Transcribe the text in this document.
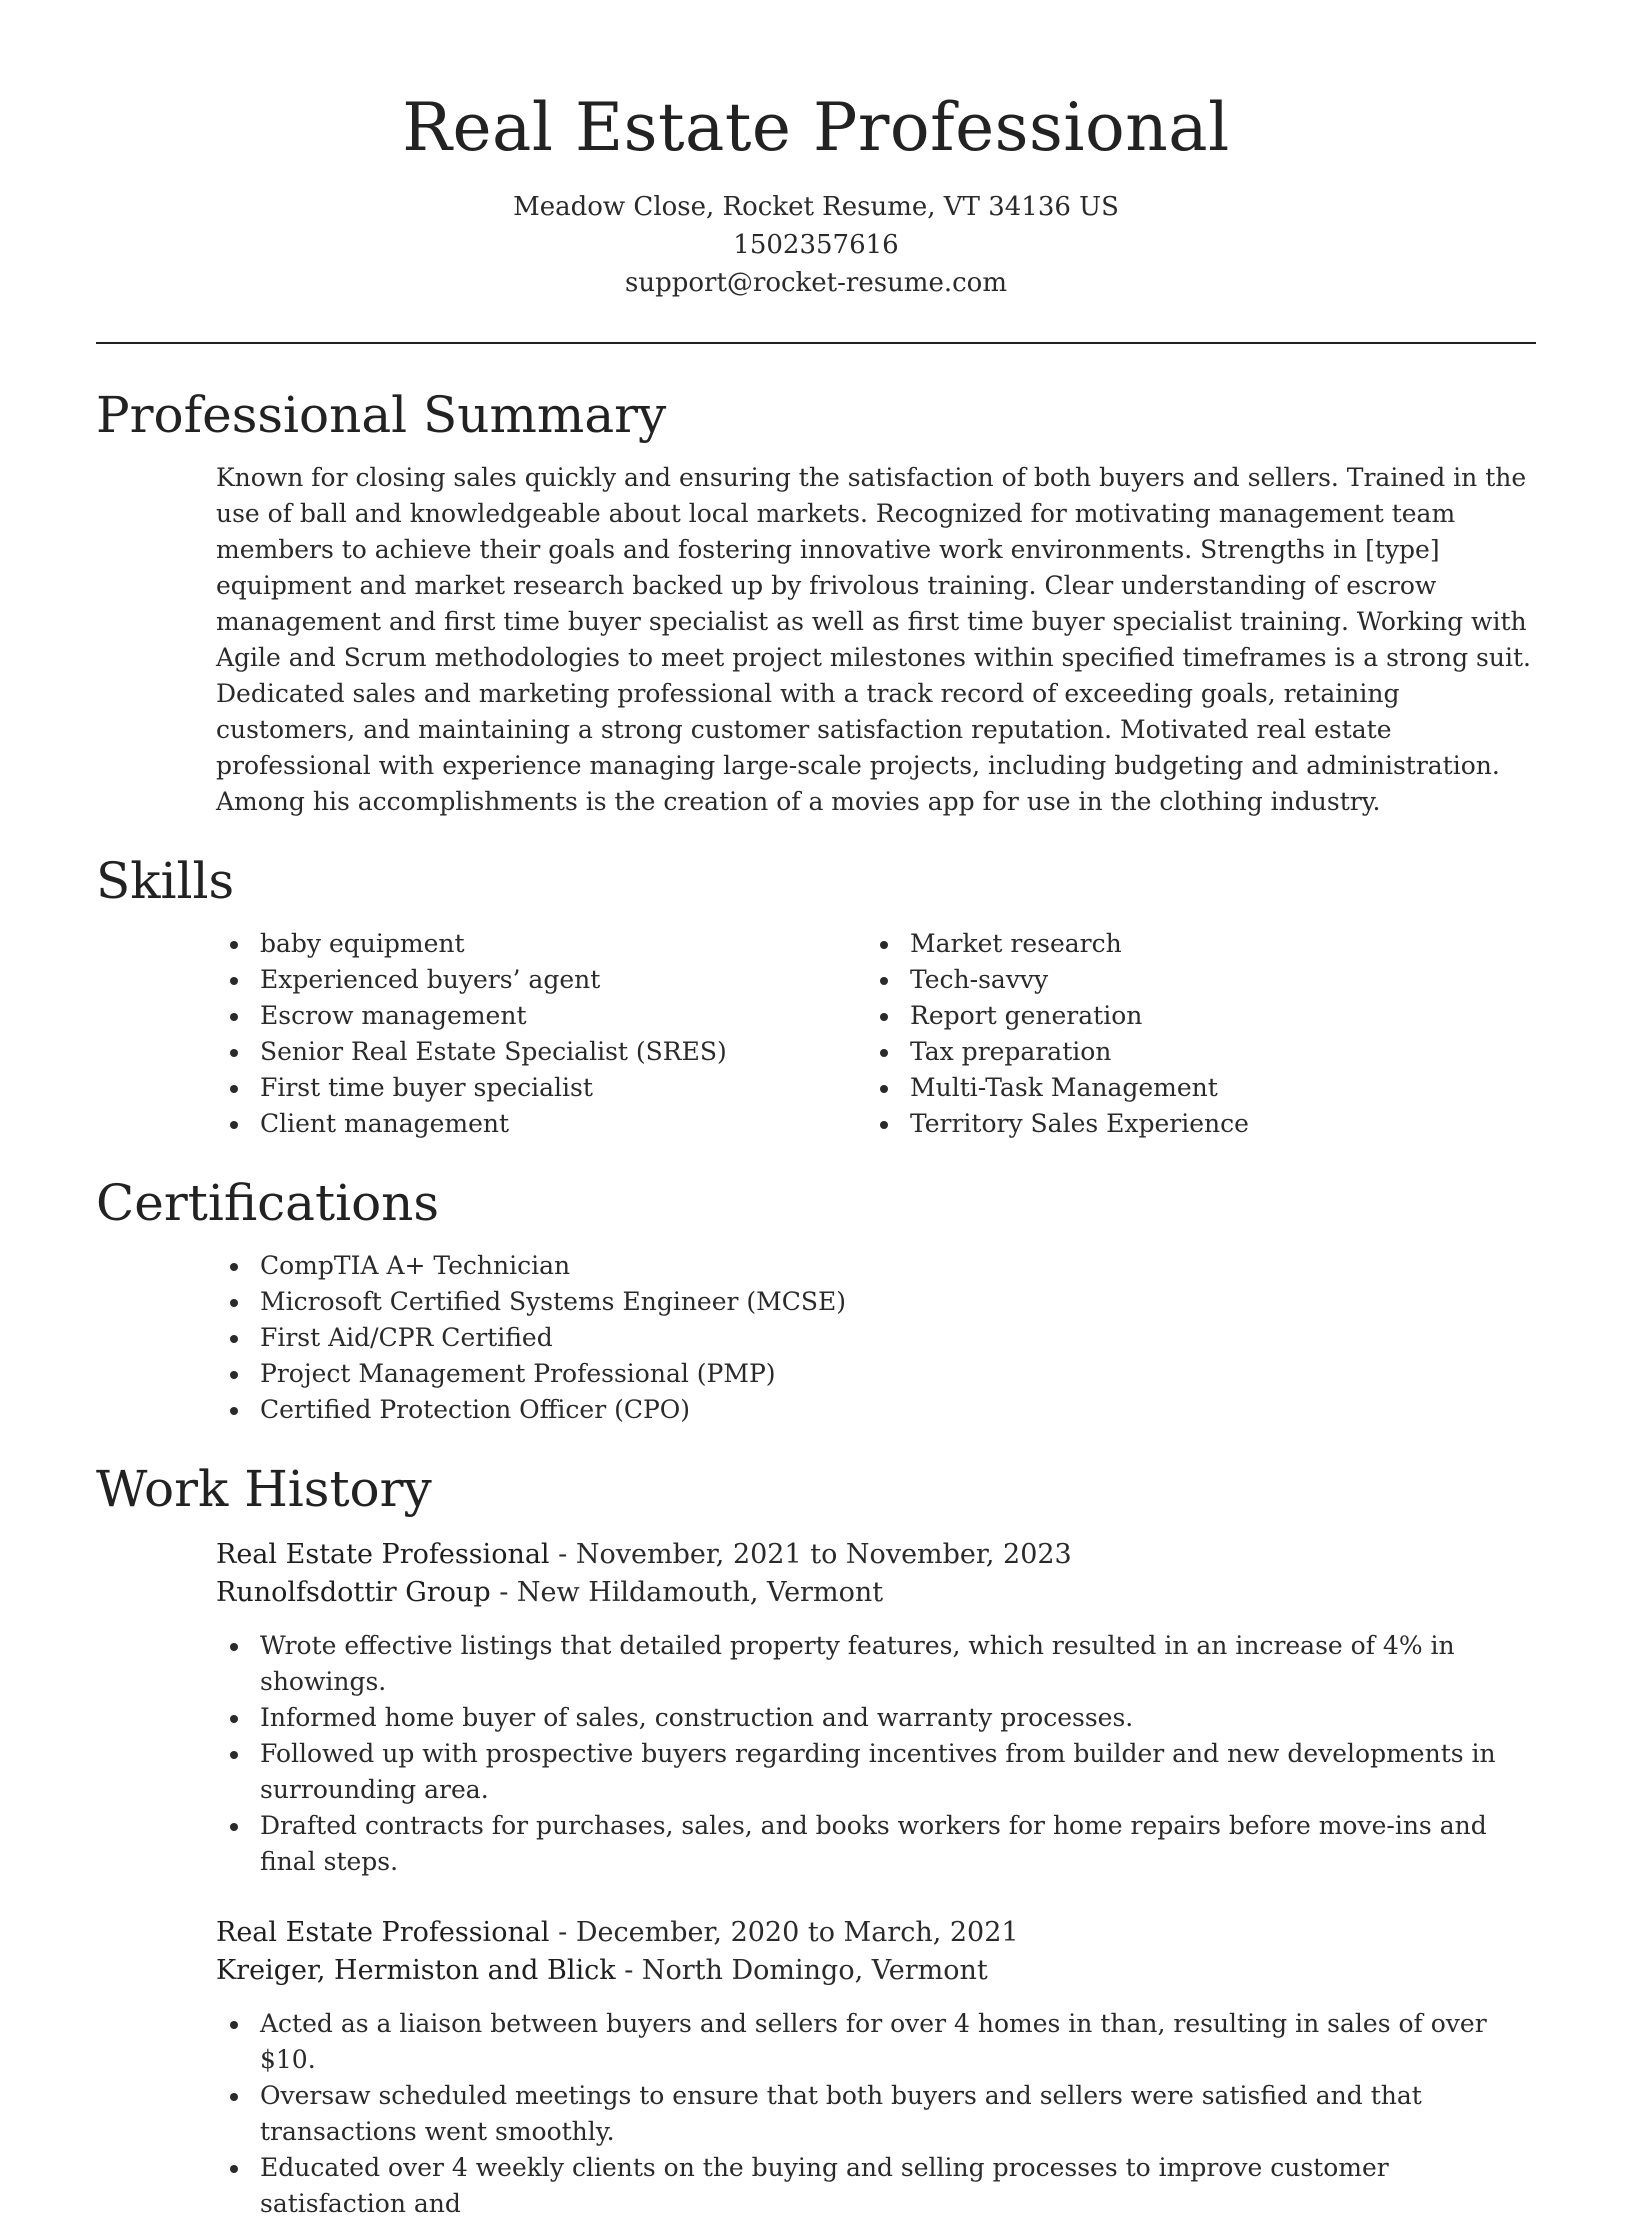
Real Estate Professional
Meadow Close, Rocket Resume, VT 34136 US
1502357616
support@rocket-resume.com
Professional Summary

Known for closing sales quickly and ensuring the satisfaction of both buyers and sellers. Trained in the use of ball and knowledgeable about local markets. Recognized for motivating management team members to achieve their goals and fostering innovative work environments. Strengths in [type] equipment and market research backed up by frivolous training. Clear understanding of escrow management and first time buyer specialist as well as first time buyer specialist training. Working with Agile and Scrum methodologies to meet project milestones within specified timeframes is a strong suit. Dedicated sales and marketing professional with a track record of exceeding goals, retaining customers, and maintaining a strong customer satisfaction reputation. Motivated real estate professional with experience managing large-scale projects, including budgeting and administration. Among his accomplishments is the creation of a movies app for use in the clothing industry.

Skills
baby equipment
Experienced buyers’ agent
Escrow management
Senior Real Estate Specialist (SRES)
First time buyer specialist
Client management
Market research
Tech-savvy
Report generation
Tax preparation
Multi-Task Management
Territory Sales Experience
Certifications
CompTIA A+ Technician
Microsoft Certified Systems Engineer (MCSE)
First Aid/CPR Certified
Project Management Professional (PMP)
Certified Protection Officer (CPO)
Work History
Real Estate Professional - November, 2021 to November, 2023
Runolfsdottir Group - New Hildamouth, Vermont
Wrote effective listings that detailed property features, which resulted in an increase of 4% in showings.
Informed home buyer of sales, construction and warranty processes.
Followed up with prospective buyers regarding incentives from builder and new developments in surrounding area.
Drafted contracts for purchases, sales, and books workers for home repairs before move-ins and final steps.
Real Estate Professional - December, 2020 to March, 2021
Kreiger, Hermiston and Blick - North Domingo, Vermont
Acted as a liaison between buyers and sellers for over 4 homes in than, resulting in sales of over $10.
Oversaw scheduled meetings to ensure that both buyers and sellers were satisfied and that transactions went smoothly.
Educated over 4 weekly clients on the buying and selling processes to improve customer satisfaction and
